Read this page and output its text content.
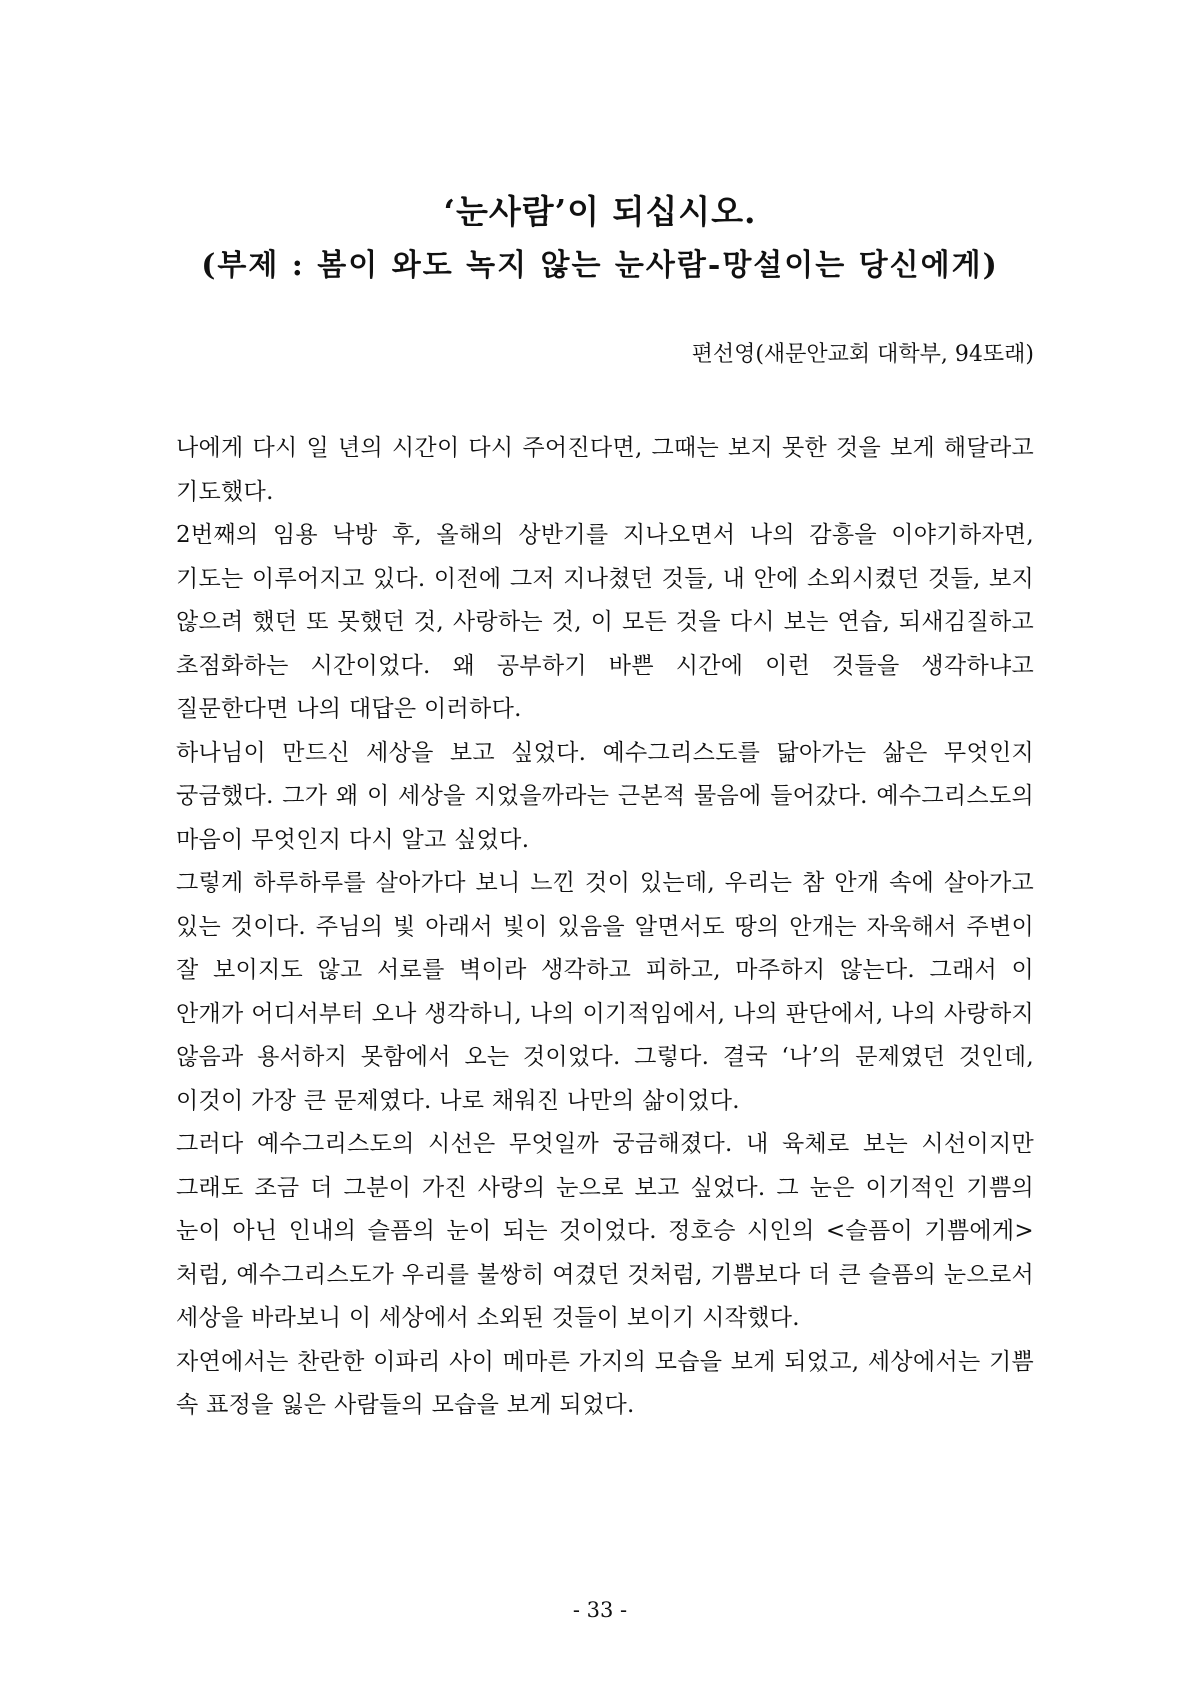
‘눈사람’이 되십시오.
(부제 : 봄이 와도 녹지 않는 눈사람-망설이는 당신에게)
편선영(새문안교회 대학부, 94또래)

나에게 다시 일 년의 시간이 다시 주어진다면, 그때는 보지 못한 것을 보게 해달라고 기도했다.

2번째의 임용 낙방 후, 올해의 상반기를 지나오면서 나의 감흥을 이야기하자면, 기도는 이루어지고 있다. 이전에 그저 지나쳤던 것들, 내 안에 소외시켰던 것들, 보지 않으려 했던 또 못했던 것, 사랑하는 것, 이 모든 것을 다시 보는 연습, 되새김질하고 초점화하는 시간이었다. 왜 공부하기 바쁜 시간에 이런 것들을 생각하냐고 질문한다면 나의 대답은 이러하다.

하나님이 만드신 세상을 보고 싶었다. 예수그리스도를 닮아가는 삶은 무엇인지 궁금했다. 그가 왜 이 세상을 지었을까라는 근본적 물음에 들어갔다. 예수그리스도의 마음이 무엇인지 다시 알고 싶었다.

그렇게 하루하루를 살아가다 보니 느낀 것이 있는데, 우리는 참 안개 속에 살아가고 있는 것이다. 주님의 빛 아래서 빛이 있음을 알면서도 땅의 안개는 자욱해서 주변이 잘 보이지도 않고 서로를 벽이라 생각하고 피하고, 마주하지 않는다. 그래서 이 안개가 어디서부터 오나 생각하니, 나의 이기적임에서, 나의 판단에서, 나의 사랑하지 않음과 용서하지 못함에서 오는 것이었다. 그렇다. 결국 ‘나’의 문제였던 것인데, 이것이 가장 큰 문제였다. 나로 채워진 나만의 삶이었다.

그러다 예수그리스도의 시선은 무엇일까 궁금해졌다. 내 육체로 보는 시선이지만 그래도 조금 더 그분이 가진 사랑의 눈으로 보고 싶었다. 그 눈은 이기적인 기쁨의 눈이 아닌 인내의 슬픔의 눈이 되는 것이었다. 정호승 시인의 <슬픔이 기쁨에게>처럼, 예수그리스도가 우리를 불쌍히 여겼던 것처럼, 기쁨보다 더 큰 슬픔의 눈으로서 세상을 바라보니 이 세상에서 소외된 것들이 보이기 시작했다.

자연에서는 찬란한 이파리 사이 메마른 가지의 모습을 보게 되었고, 세상에서는 기쁨 속 표정을 잃은 사람들의 모습을 보게 되었다.

- 33 -
